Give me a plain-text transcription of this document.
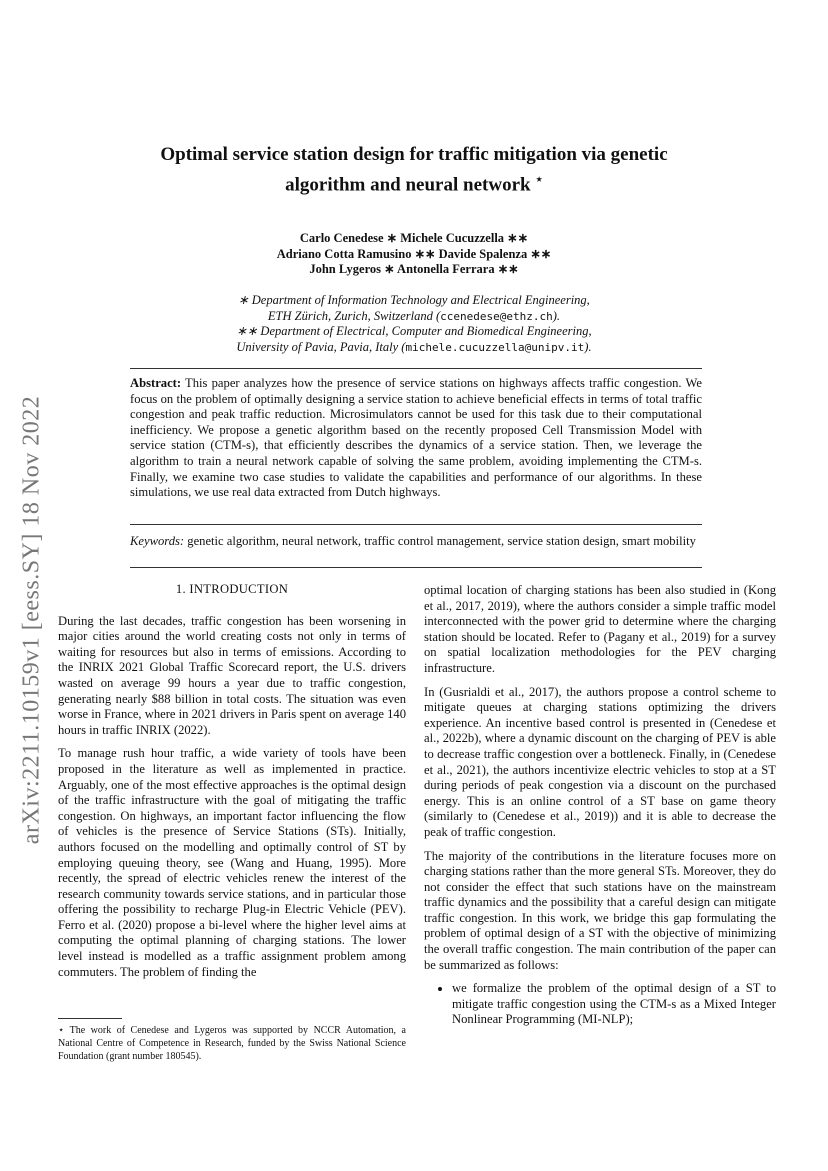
arXiv:2211.10159v1 [eess.SY] 18 Nov 2022
Optimal service station design for traffic mitigation via genetic algorithm and neural network ⋆
Carlo Cenedese ∗ Michele Cucuzzella ∗∗
Adriano Cotta Ramusino ∗∗ Davide Spalenza ∗∗
John Lygeros ∗ Antonella Ferrara ∗∗
∗ Department of Information Technology and Electrical Engineering,
ETH Zürich, Zurich, Switzerland (ccenedese@ethz.ch).
∗∗ Department of Electrical, Computer and Biomedical Engineering,
University of Pavia, Pavia, Italy (michele.cucuzzella@unipv.it).
Abstract: This paper analyzes how the presence of service stations on highways affects traffic congestion. We focus on the problem of optimally designing a service station to achieve beneficial effects in terms of total traffic congestion and peak traffic reduction. Microsimulators cannot be used for this task due to their computational inefficiency. We propose a genetic algorithm based on the recently proposed Cell Transmission Model with service station (CTM-s), that efficiently describes the dynamics of a service station. Then, we leverage the algorithm to train a neural network capable of solving the same problem, avoiding implementing the CTM-s. Finally, we examine two case studies to validate the capabilities and performance of our algorithms. In these simulations, we use real data extracted from Dutch highways.
Keywords: genetic algorithm, neural network, traffic control management, service station design, smart mobility

1. INTRODUCTION

During the last decades, traffic congestion has been worsening in major cities around the world creating costs not only in terms of waiting for resources but also in terms of emissions. According to the INRIX 2021 Global Traffic Scorecard report, the U.S. drivers wasted on average 99 hours a year due to traffic congestion, generating nearly $88 billion in total costs. The situation was even worse in France, where in 2021 drivers in Paris spent on average 140 hours in traffic INRIX (2022).

To manage rush hour traffic, a wide variety of tools have been proposed in the literature as well as implemented in practice. Arguably, one of the most effective approaches is the optimal design of the traffic infrastructure with the goal of mitigating the traffic congestion. On highways, an important factor influencing the flow of vehicles is the presence of Service Stations (STs). Initially, authors focused on the modelling and optimally control of ST by employing queuing theory, see (Wang and Huang, 1995). More recently, the spread of electric vehicles renew the interest of the research community towards service stations, and in particular those offering the possibility to recharge Plug-in Electric Vehicle (PEV). Ferro et al. (2020) propose a bi-level where the higher level aims at computing the optimal planning of charging stations. The lower level instead is modelled as a traffic assignment problem among commuters. The problem of finding the

⋆ The work of Cenedese and Lygeros was supported by NCCR Automation, a National Centre of Competence in Research, funded by the Swiss National Science Foundation (grant number 180545).

optimal location of charging stations has been also studied in (Kong et al., 2017, 2019), where the authors consider a simple traffic model interconnected with the power grid to determine where the charging station should be located. Refer to (Pagany et al., 2019) for a survey on spatial localization methodologies for the PEV charging infrastructure.

In (Gusrialdi et al., 2017), the authors propose a control scheme to mitigate queues at charging stations optimizing the drivers experience. An incentive based control is presented in (Cenedese et al., 2022b), where a dynamic discount on the charging of PEV is able to decrease traffic congestion over a bottleneck. Finally, in (Cenedese et al., 2021), the authors incentivize electric vehicles to stop at a ST during periods of peak congestion via a discount on the purchased energy. This is an online control of a ST base on game theory (similarly to (Cenedese et al., 2019)) and it is able to decrease the peak of traffic congestion.

The majority of the contributions in the literature focuses more on charging stations rather than the more general STs. Moreover, they do not consider the effect that such stations have on the mainstream traffic dynamics and the possibility that a careful design can mitigate traffic congestion. In this work, we bridge this gap formulating the problem of optimal design of a ST with the objective of minimizing the overall traffic congestion. The main contribution of the paper can be summarized as follows:

• we formalize the problem of the optimal design of a ST to mitigate traffic congestion using the CTM-s as a Mixed Integer Nonlinear Programming (MI-NLP);
